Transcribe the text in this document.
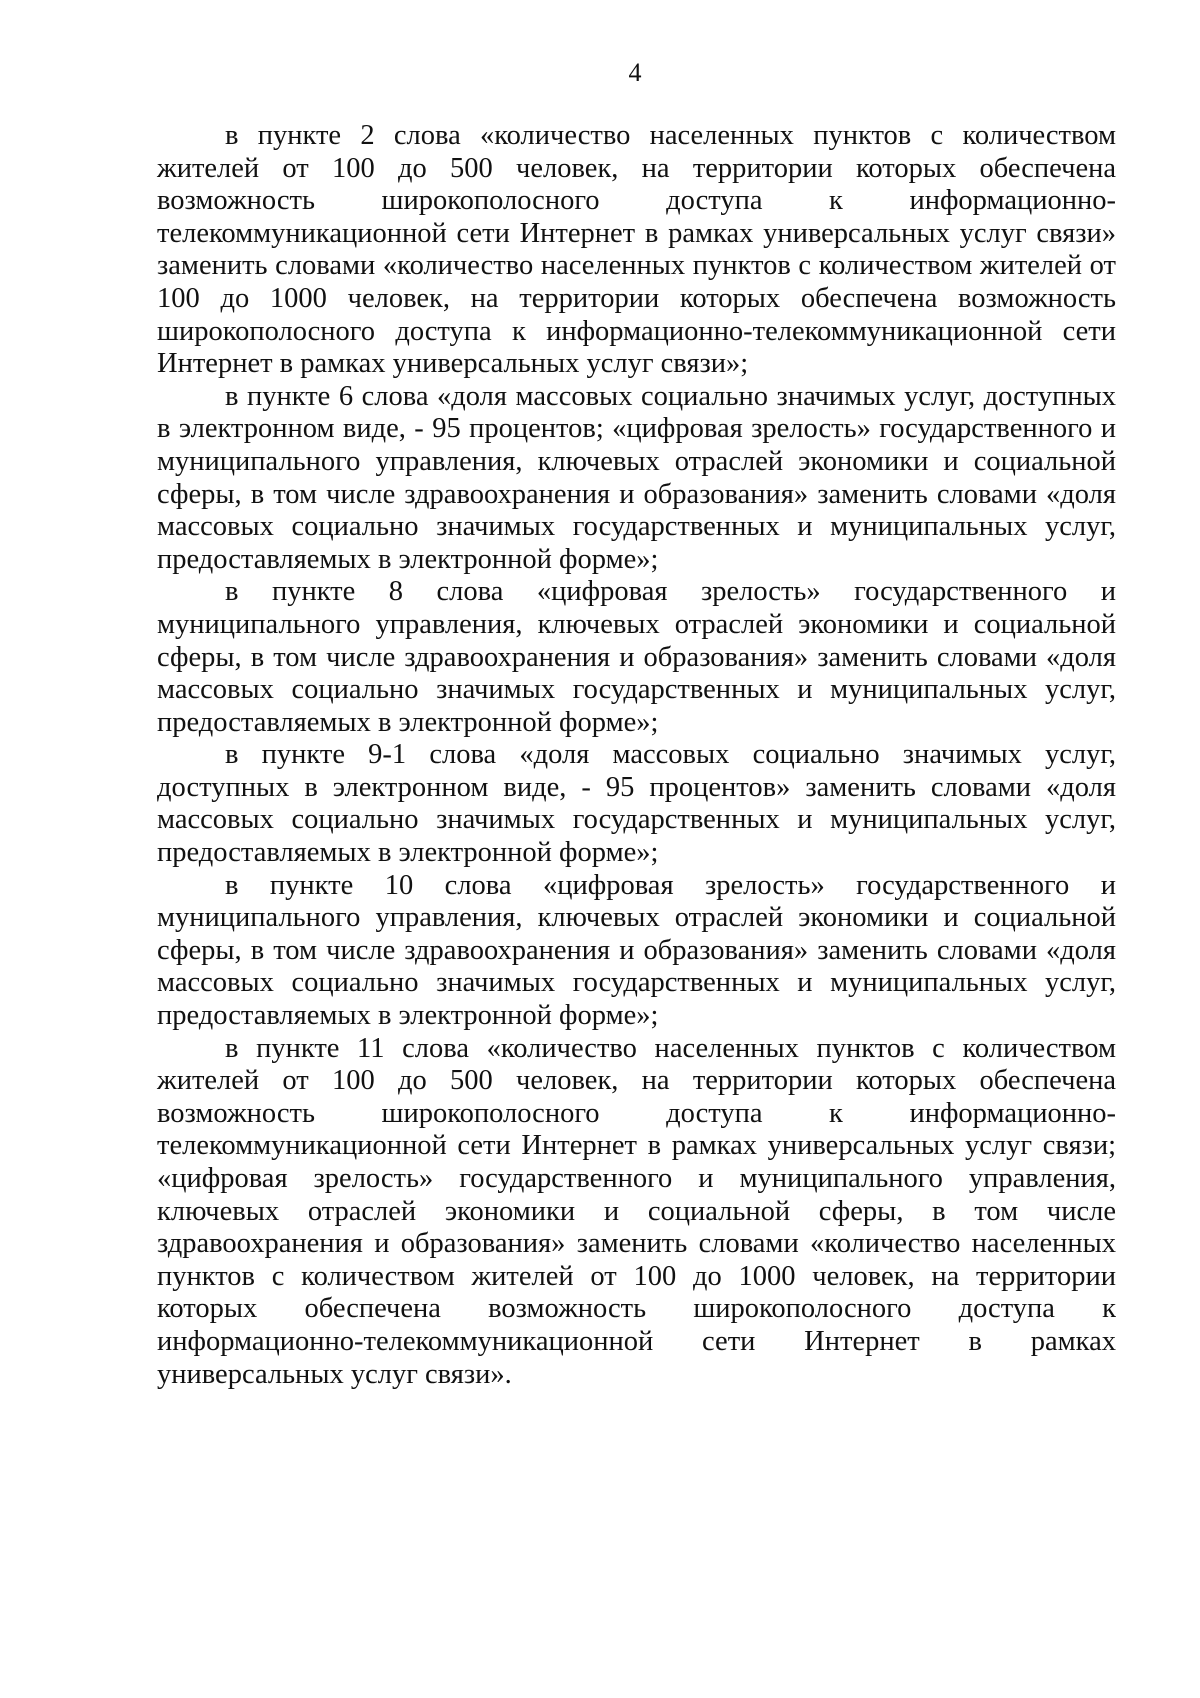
4

в пункте 2 слова «количество населенных пунктов с количеством жителей от 100 до 500 человек, на территории которых обеспечена возможность широкополосного доступа к информационно-телекоммуникационной сети Интернет в рамках универсальных услуг связи» заменить словами «количество населенных пунктов с количеством жителей от 100 до 1000 человек, на территории которых обеспечена возможность широкополосного доступа к информационно-телекоммуникационной сети Интернет в рамках универсальных услуг связи»;

в пункте 6 слова «доля массовых социально значимых услуг, доступных в электронном виде, - 95 процентов; «цифровая зрелость» государственного и муниципального управления, ключевых отраслей экономики и социальной сферы, в том числе здравоохранения и образования» заменить словами «доля массовых социально значимых государственных и муниципальных услуг, предоставляемых в электронной форме»;

в пункте 8 слова «цифровая зрелость» государственного и муниципального управления, ключевых отраслей экономики и социальной сферы, в том числе здравоохранения и образования» заменить словами «доля массовых социально значимых государственных и муниципальных услуг, предоставляемых в электронной форме»;

в пункте 9-1 слова «доля массовых социально значимых услуг, доступных в электронном виде, - 95 процентов» заменить словами «доля массовых социально значимых государственных и муниципальных услуг, предоставляемых в электронной форме»;

в пункте 10 слова «цифровая зрелость» государственного и муниципального управления, ключевых отраслей экономики и социальной сферы, в том числе здравоохранения и образования» заменить словами «доля массовых социально значимых государственных и муниципальных услуг, предоставляемых в электронной форме»;

в пункте 11 слова «количество населенных пунктов с количеством жителей от 100 до 500 человек, на территории которых обеспечена возможность широкополосного доступа к информационно-телекоммуникационной сети Интернет в рамках универсальных услуг связи; «цифровая зрелость» государственного и муниципального управления, ключевых отраслей экономики и социальной сферы, в том числе здравоохранения и образования» заменить словами «количество населенных пунктов с количеством жителей от 100 до 1000 человек, на территории которых обеспечена возможность широкополосного доступа к информационно-телекоммуникационной сети Интернет в рамках универсальных услуг связи».
